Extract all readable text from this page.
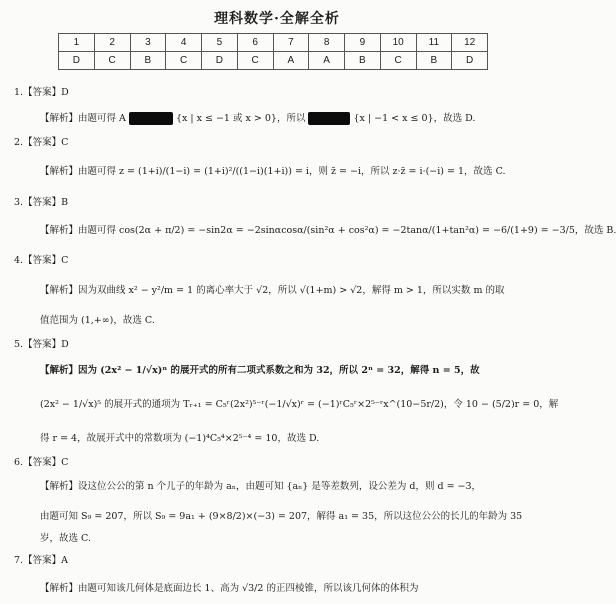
理科数学·全解全析
1	2	3	4	5	6	7	8	9	10	11	12
D	C	B	C	D	C	A	A	B	C	B	D
1.【答案】D
【解析】由题可得 A	{x | x ≤ −1 或 x > 0}，所以	{x | −1 < x ≤ 0}，故选 D.
2.【答案】C
【解析】由题可得 z = (1+i)/(1−i) = (1+i)²/((1−i)(1+i)) = i，则 z̄ = −i，所以 z·z̄ = i·(−i) = 1，故选 C.
3.【答案】B
【解析】由题可得 cos(2α + π/2) = −sin2α = −2sinαcosα/(sin²α + cos²α) = −2tanα/(1+tan²α) = −6/(1+9) = −3/5，故选 B.
4.【答案】C
【解析】因为双曲线 x² − y²/m = 1 的离心率大于 √2，所以 √(1+m) > √2，解得 m > 1，所以实数 m 的取
值范围为 (1,+∞)，故选 C.
5.【答案】D
【解析】因为 (2x² − 1/√x)ⁿ 的展开式的所有二项式系数之和为 32，所以 2ⁿ = 32，解得 n = 5，故
(2x² − 1/√x)⁵ 的展开式的通项为 Tᵣ₊₁ = C₅ʳ(2x²)⁵⁻ʳ(−1/√x)ʳ = (−1)ʳC₅ʳ×2⁵⁻ʳx^(10−5r/2)，令 10 − (5/2)r = 0，解
得 r = 4，故展开式中的常数项为 (−1)⁴C₅⁴×2⁵⁻⁴ = 10，故选 D.
6.【答案】C
【解析】设这位公公的第 n 个儿子的年龄为 aₙ，由题可知 {aₙ} 是等差数列，设公差为 d，则 d = −3，
由题可知 S₉ = 207，所以 S₉ = 9a₁ + (9×8/2)×(−3) = 207，解得 a₁ = 35，所以这位公公的长儿的年龄为 35
岁，故选 C.
7.【答案】A
【解析】由题可知该几何体是底面边长 1、高为 √3/2 的正四棱锥，所以该几何体的体积为
